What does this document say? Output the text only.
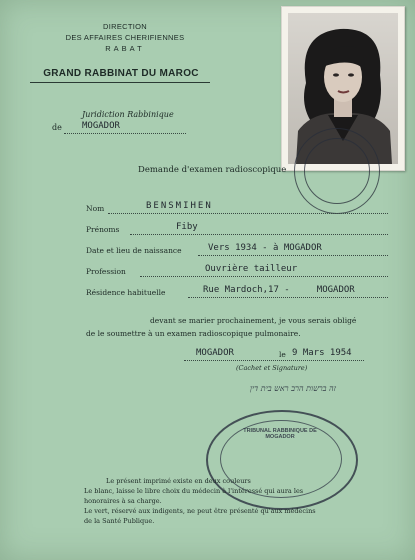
DIRECTION
DES AFFAIRES CHERIFIENNES
RABAT
GRAND RABBINAT DU MAROC
Juridiction Rabbinique
de MOGADOR
Demande d'examen radioscopique
Nom	BENSMIHEN
Prénoms	Fiby
Date et lieu de naissance	Vers 1934 - à MOGADOR
Profession	Ouvrière tailleur
Résidence habituelle	Rue Mardoch,17 -     MOGADOR
devant se marier prochainement, je vous serais obligé
de le soumettre à un examen radioscopique pulmonaire.
MOGADOR	le 9 Mars 1954
(Cachet et Signature)
זה ברשות הרב ראש בית דין
TRIBUNAL RABBINIQUE DE MOGADOR
Le présent imprimé existe en deux couleurs
Le blanc, laisse le libre choix du médecin à l'intéressé qui aura les
honoraires à sa charge.
Le vert, réservé aux indigents, ne peut être présenté qu'aux médecins
de la Santé Publique.
